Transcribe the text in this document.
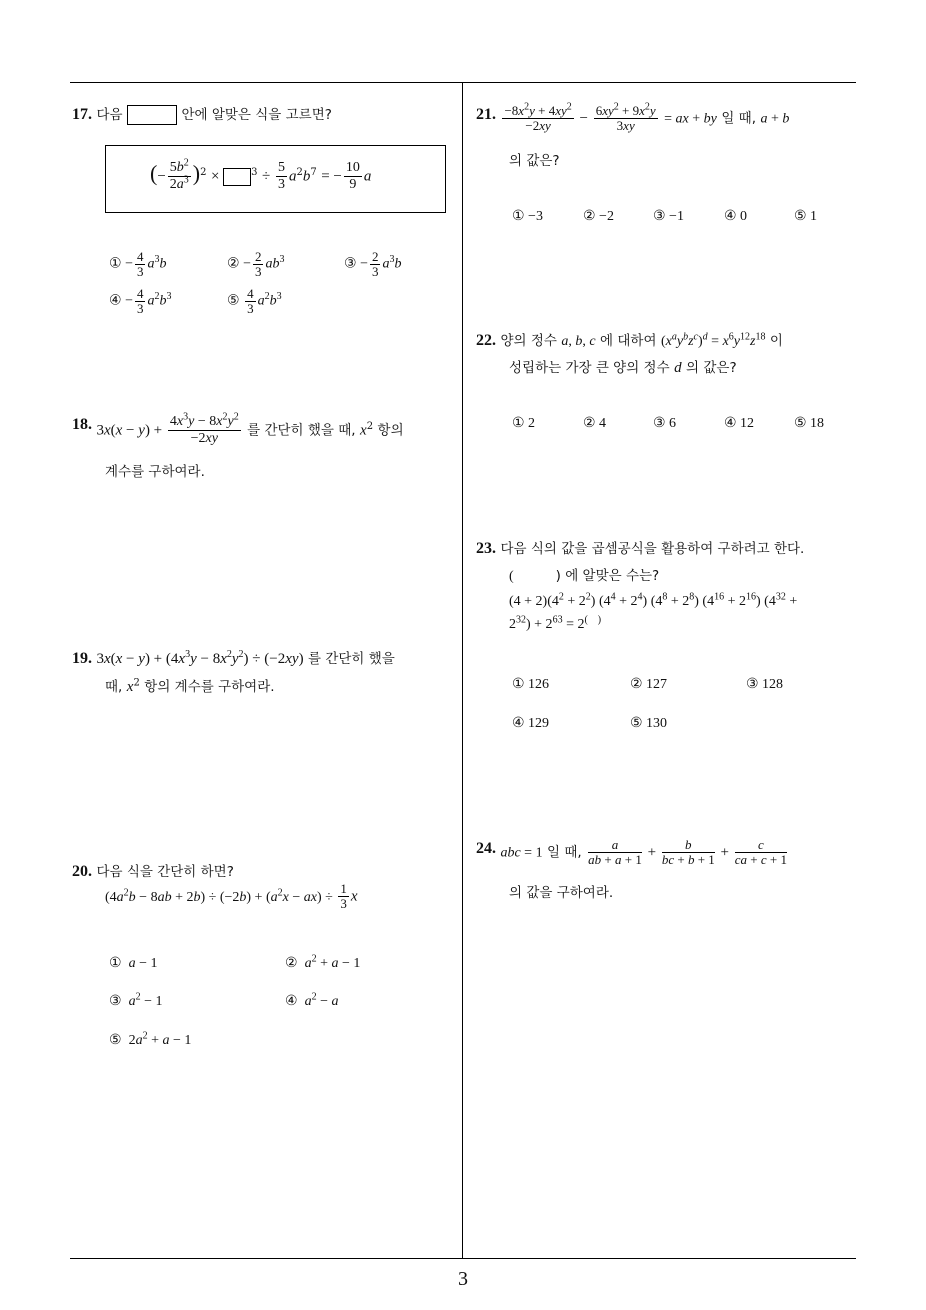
17. 다음	안에 알맞은 식을 고르면?
(− $\frac{5b^2}{2a^3} )^2$ ×	$^3 \div \frac{5}{3} a^2b^7$ = − $\frac{10}{9}$ a
① − $\frac{4}{3} a^3b$	② − $\frac{2}{3} ab^3$	③ − $\frac{2}{3} a^3b$
④ − $\frac{4}{3} a^2b^3$	⑤ $\frac{4}{3} a^2b^3$
18. $3x(x - y) + \frac{4x^3y - 8x^2y^2}{-2xy}$ 를 간단히 했을 때, $x^2$ 항의
계수를 구하여라.
19. $3x(x - y) + (4x^3y - 8x^2y^2) \div (-2xy)$ 를 간단히 했을
때, $x^2$ 항의 계수를 구하여라.
20. 다음 식을 간단히 하면?
$(4a^2b - 8ab + 2b) \div (-2b) + (a^2x - ax) \div \frac{1}{3}$ x
① a − 1	② $a^2 + a - 1$
③ $a^2 - 1$	④ $a^2 - a$
⑤  $2a^2 + a - 1$
21. $\frac{-8x^2y + 4xy^2}{-2xy} - \frac{6xy^2 + 9x^2y}{3xy}$ = ax + by 일 때, a + b
의 값은?
① −3	② −2	③ −1	④ 0	⑤ 1
22. 양의 정수 a, b, c 에 대하여 $(x^ay^bz^c)^d = x^6y^{12}z^{18}$ 이
성립하는 가장 큰 양의 정수 d 의 값은?
① 2	② 4	③ 6	④ 12	⑤ 18
23. 다음 식의 값을 곱셈공식을 활용하여 구하려고 한다.
(	) 에 알맞은 수는?
$(4 + 2)(4^2 + 2^2)$ $(4^4 + 2^4) (4^8 + 2^8) (4^{16} + 2^{16}) (4^{32}$ +
$2^{32}) + 2^{63} = 2^{( )}$
① 126	② 127	③ 128
④ 129	⑤ 130
24. abc = 1 일 때, $\frac{a}{ab + a + 1} + \frac{b}{bc + b + 1} + \frac{c}{ca + c + 1}$
의 값을 구하여라.
3
